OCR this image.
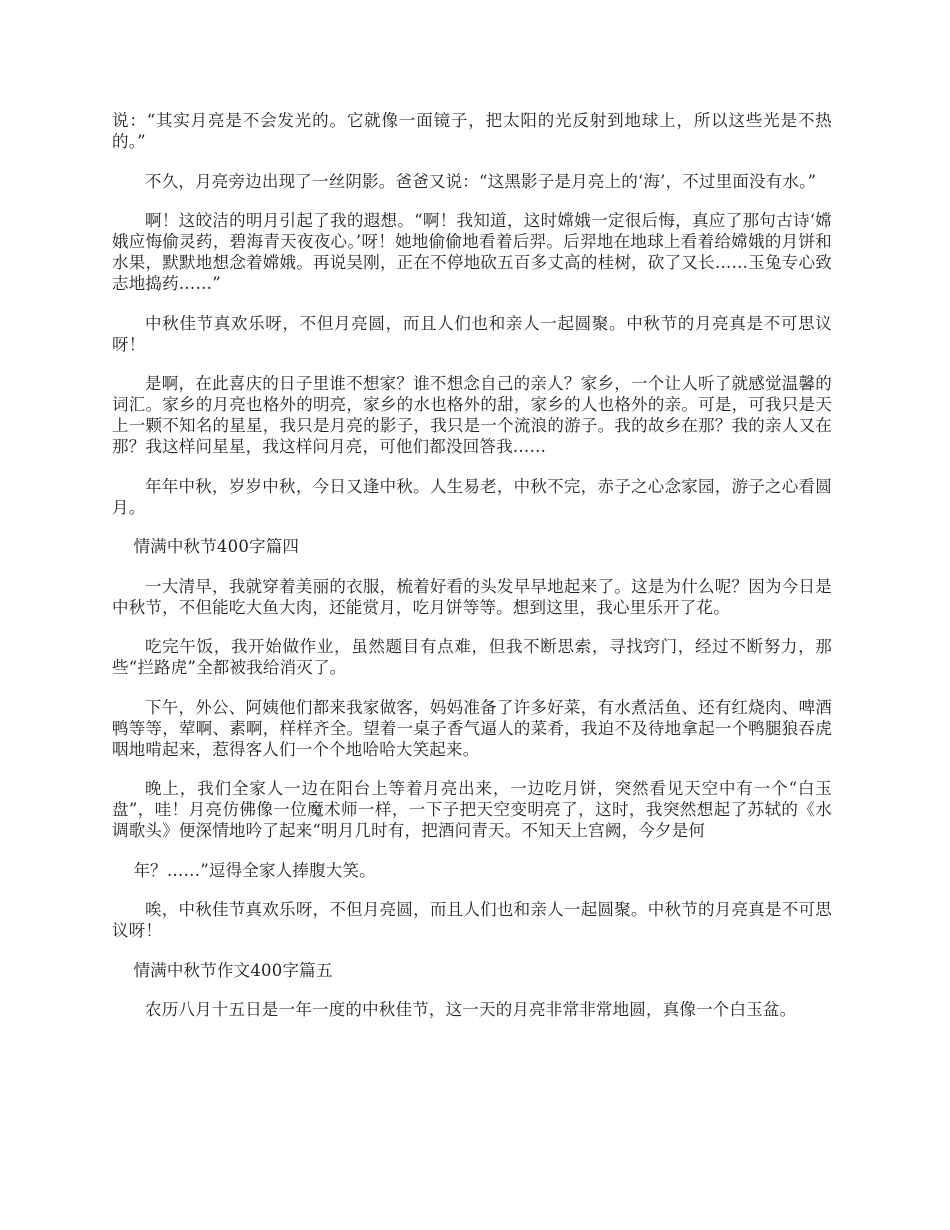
说：“其实月亮是不会发光的。它就像一面镜子，把太阳的光反射到地球上，所以这些光是不热的。”

不久，月亮旁边出现了一丝阴影。爸爸又说：“这黑影子是月亮上的‘海’，不过里面没有水。”

啊！这皎洁的明月引起了我的遐想。“啊！我知道，这时嫦娥一定很后悔，真应了那句古诗‘嫦娥应悔偷灵药，碧海青天夜夜心。’呀！她地偷偷地看着后羿。后羿地在地球上看着给嫦娥的月饼和水果，默默地想念着嫦娥。再说吴刚，正在不停地砍五百多丈高的桂树，砍了又长……玉兔专心致志地捣药……”

中秋佳节真欢乐呀，不但月亮圆，而且人们也和亲人一起圆聚。中秋节的月亮真是不可思议呀！

是啊，在此喜庆的日子里谁不想家？谁不想念自己的亲人？家乡，一个让人听了就感觉温馨的词汇。家乡的月亮也格外的明亮，家乡的水也格外的甜，家乡的人也格外的亲。可是，可我只是天上一颗不知名的星星，我只是月亮的影子，我只是一个流浪的游子。我的故乡在那？我的亲人又在那？我这样问星星，我这样问月亮，可他们都没回答我……

年年中秋，岁岁中秋，今日又逢中秋。人生易老，中秋不完，赤子之心念家园，游子之心看圆月。

情满中秋节400字篇四

一大清早，我就穿着美丽的衣服，梳着好看的头发早早地起来了。这是为什么呢？因为今日是中秋节，不但能吃大鱼大肉，还能赏月，吃月饼等等。想到这里，我心里乐开了花。

吃完午饭，我开始做作业，虽然题目有点难，但我不断思索，寻找窍门，经过不断努力，那些“拦路虎”全都被我给消灭了。

下午，外公、阿姨他们都来我家做客，妈妈准备了许多好菜，有水煮活鱼、还有红烧肉、啤酒鸭等等，荤啊、素啊，样样齐全。望着一桌子香气逼人的菜肴，我迫不及待地拿起一个鸭腿狼吞虎咽地啃起来，惹得客人们一个个地哈哈大笑起来。

晚上，我们全家人一边在阳台上等着月亮出来，一边吃月饼，突然看见天空中有一个“白玉盘”，哇！月亮仿佛像一位魔术师一样，一下子把天空变明亮了，这时，我突然想起了苏轼的《水调歌头》便深情地吟了起来“明月几时有，把酒问青天。不知天上宫阙，今夕是何

年？……”逗得全家人捧腹大笑。

唉，中秋佳节真欢乐呀，不但月亮圆，而且人们也和亲人一起圆聚。中秋节的月亮真是不可思议呀！

情满中秋节作文400字篇五

农历八月十五日是一年一度的中秋佳节，这一天的月亮非常非常地圆，真像一个白玉盆。
